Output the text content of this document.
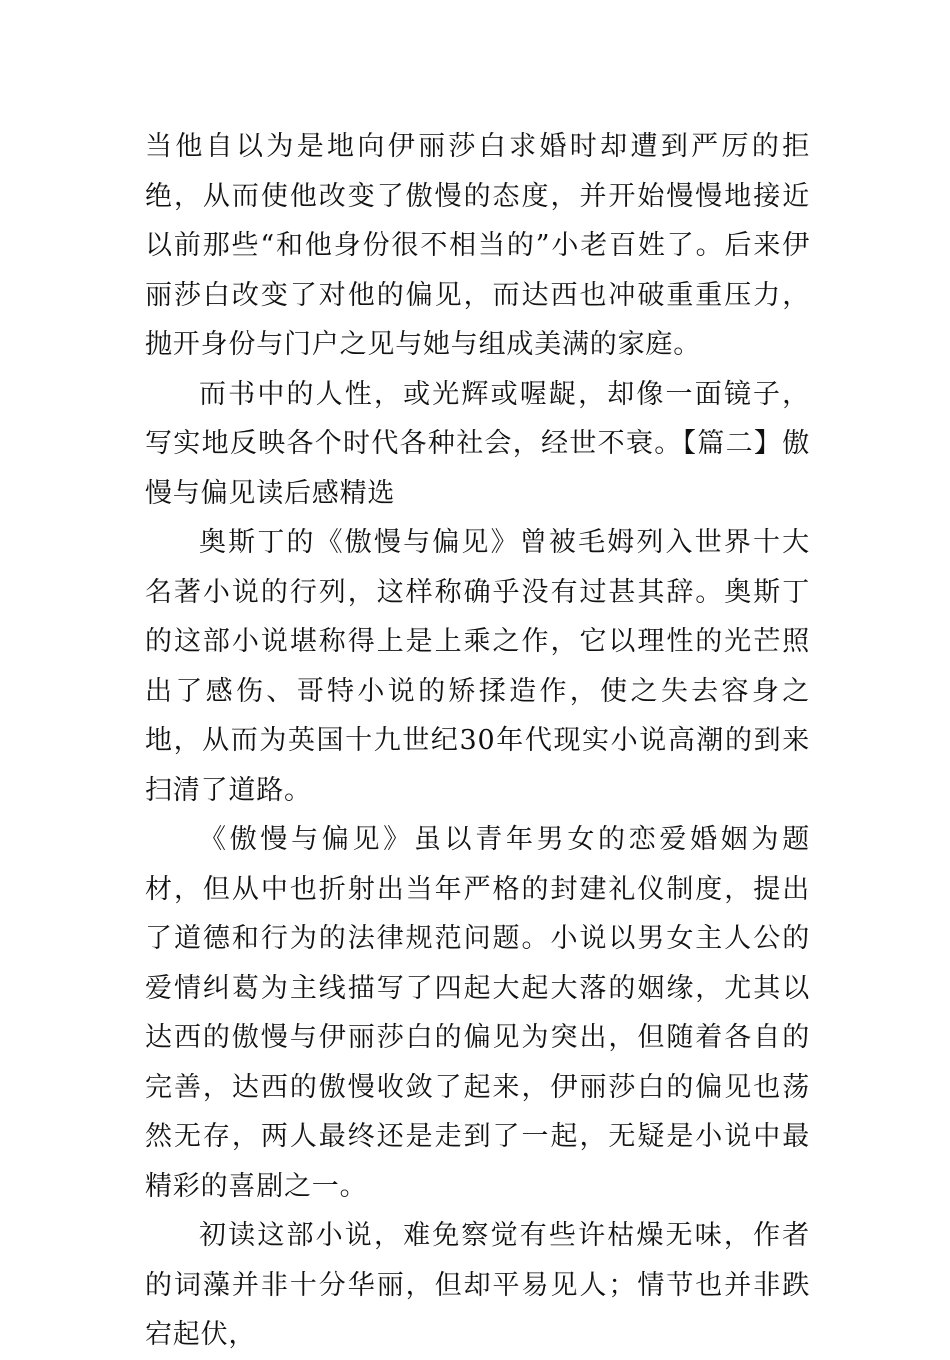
当他自以为是地向伊丽莎白求婚时却遭到严厉的拒绝，从而使他改变了傲慢的态度，并开始慢慢地接近以前那些“和他身份很不相当的”小老百姓了。后来伊丽莎白改变了对他的偏见，而达西也冲破重重压力，抛开身份与门户之见与她与组成美满的家庭。

而书中的人性，或光辉或喔龊，却像一面镜子，写实地反映各个时代各种社会，经世不衰。【篇二】傲慢与偏见读后感精选

奥斯丁的《傲慢与偏见》曾被毛姆列入世界十大名著小说的行列，这样称确乎没有过甚其辞。奥斯丁的这部小说堪称得上是上乘之作，它以理性的光芒照出了感伤、哥特小说的矫揉造作，使之失去容身之地，从而为英国十九世纪30年代现实小说高潮的到来扫清了道路。

《傲慢与偏见》虽以青年男女的恋爱婚姻为题材，但从中也折射出当年严格的封建礼仪制度，提出了道德和行为的法律规范问题。小说以男女主人公的爱情纠葛为主线描写了四起大起大落的姻缘，尤其以达西的傲慢与伊丽莎白的偏见为突出，但随着各自的完善，达西的傲慢收敛了起来，伊丽莎白的偏见也荡然无存，两人最终还是走到了一起，无疑是小说中最精彩的喜剧之一。

初读这部小说，难免察觉有些许枯燥无味，作者的词藻并非十分华丽，但却平易见人；情节也并非跌宕起伏，
